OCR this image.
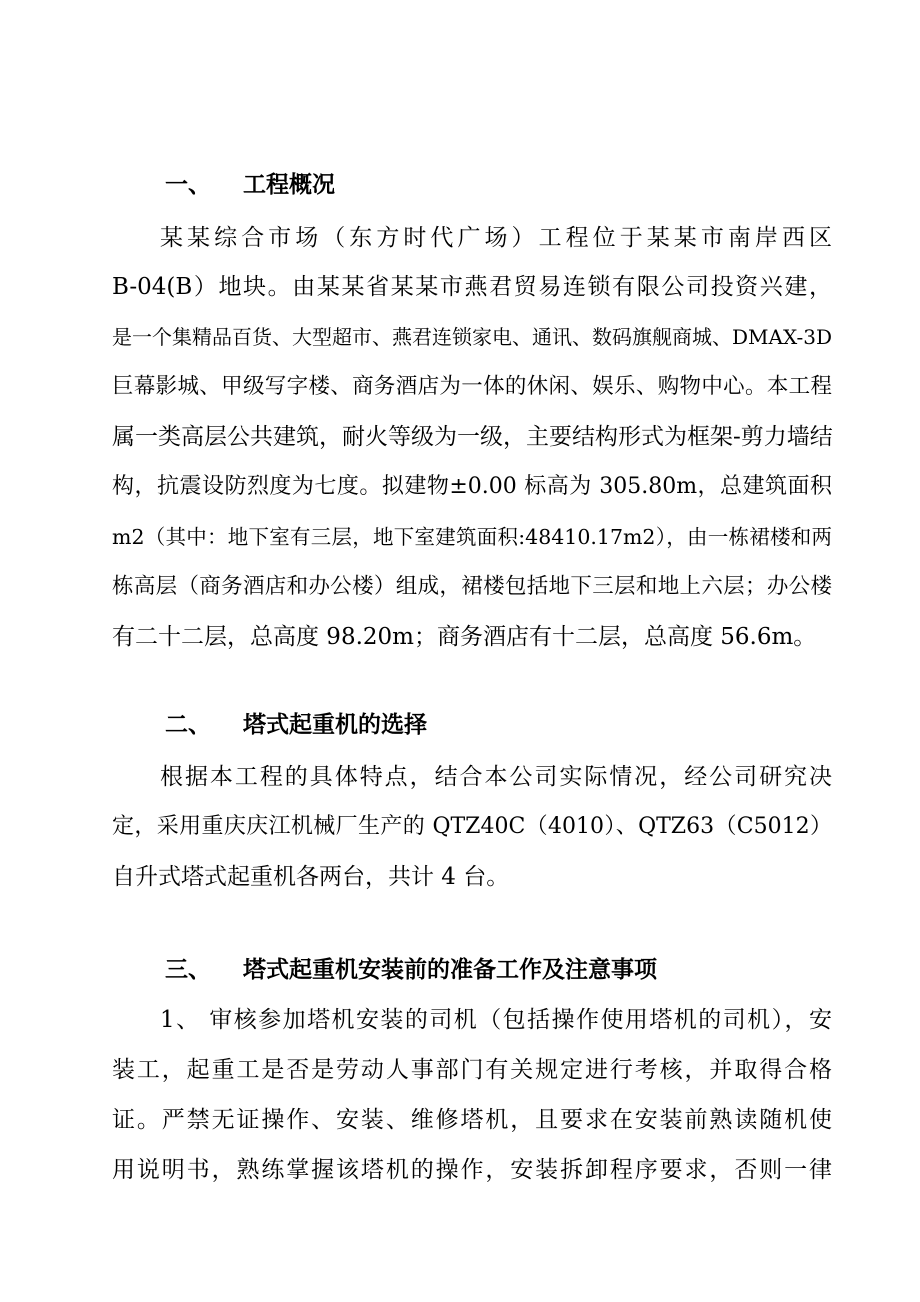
一、 工程概况
某某综合市场（东方时代广场）工程位于某某市南岸西区
B-04(B）地块。由某某省某某市燕君贸易连锁有限公司投资兴建，
是一个集精品百货、大型超市、燕君连锁家电、通讯、数码旗舰商城、DMAX-3D
巨幕影城、甲级写字楼、商务酒店为一体的休闲、娱乐、购物中心。本工程
属一类高层公共建筑，耐火等级为一级，主要结构形式为框架-剪力墙结
构，抗震设防烈度为七度。拟建物±0.00 标高为 305.80m，总建筑面积
m2（其中：地下室有三层，地下室建筑面积:48410.17m2），由一栋裙楼和两
栋高层（商务酒店和办公楼）组成，裙楼包括地下三层和地上六层；办公楼
有二十二层，总高度 98.20m；商务酒店有十二层，总高度 56.6m。
二、 塔式起重机的选择
根据本工程的具体特点，结合本公司实际情况，经公司研究决
定，采用重庆庆江机械厂生产的 QTZ40C（4010）、QTZ63（C5012）
自升式塔式起重机各两台，共计 4 台。
三、 塔式起重机安装前的准备工作及注意事项
1、 审核参加塔机安装的司机（包括操作使用塔机的司机），安
装工，起重工是否是劳动人事部门有关规定进行考核，并取得合格
证。严禁无证操作、安装、维修塔机，且要求在安装前熟读随机使
用说明书，熟练掌握该塔机的操作，安装拆卸程序要求，否则一律
